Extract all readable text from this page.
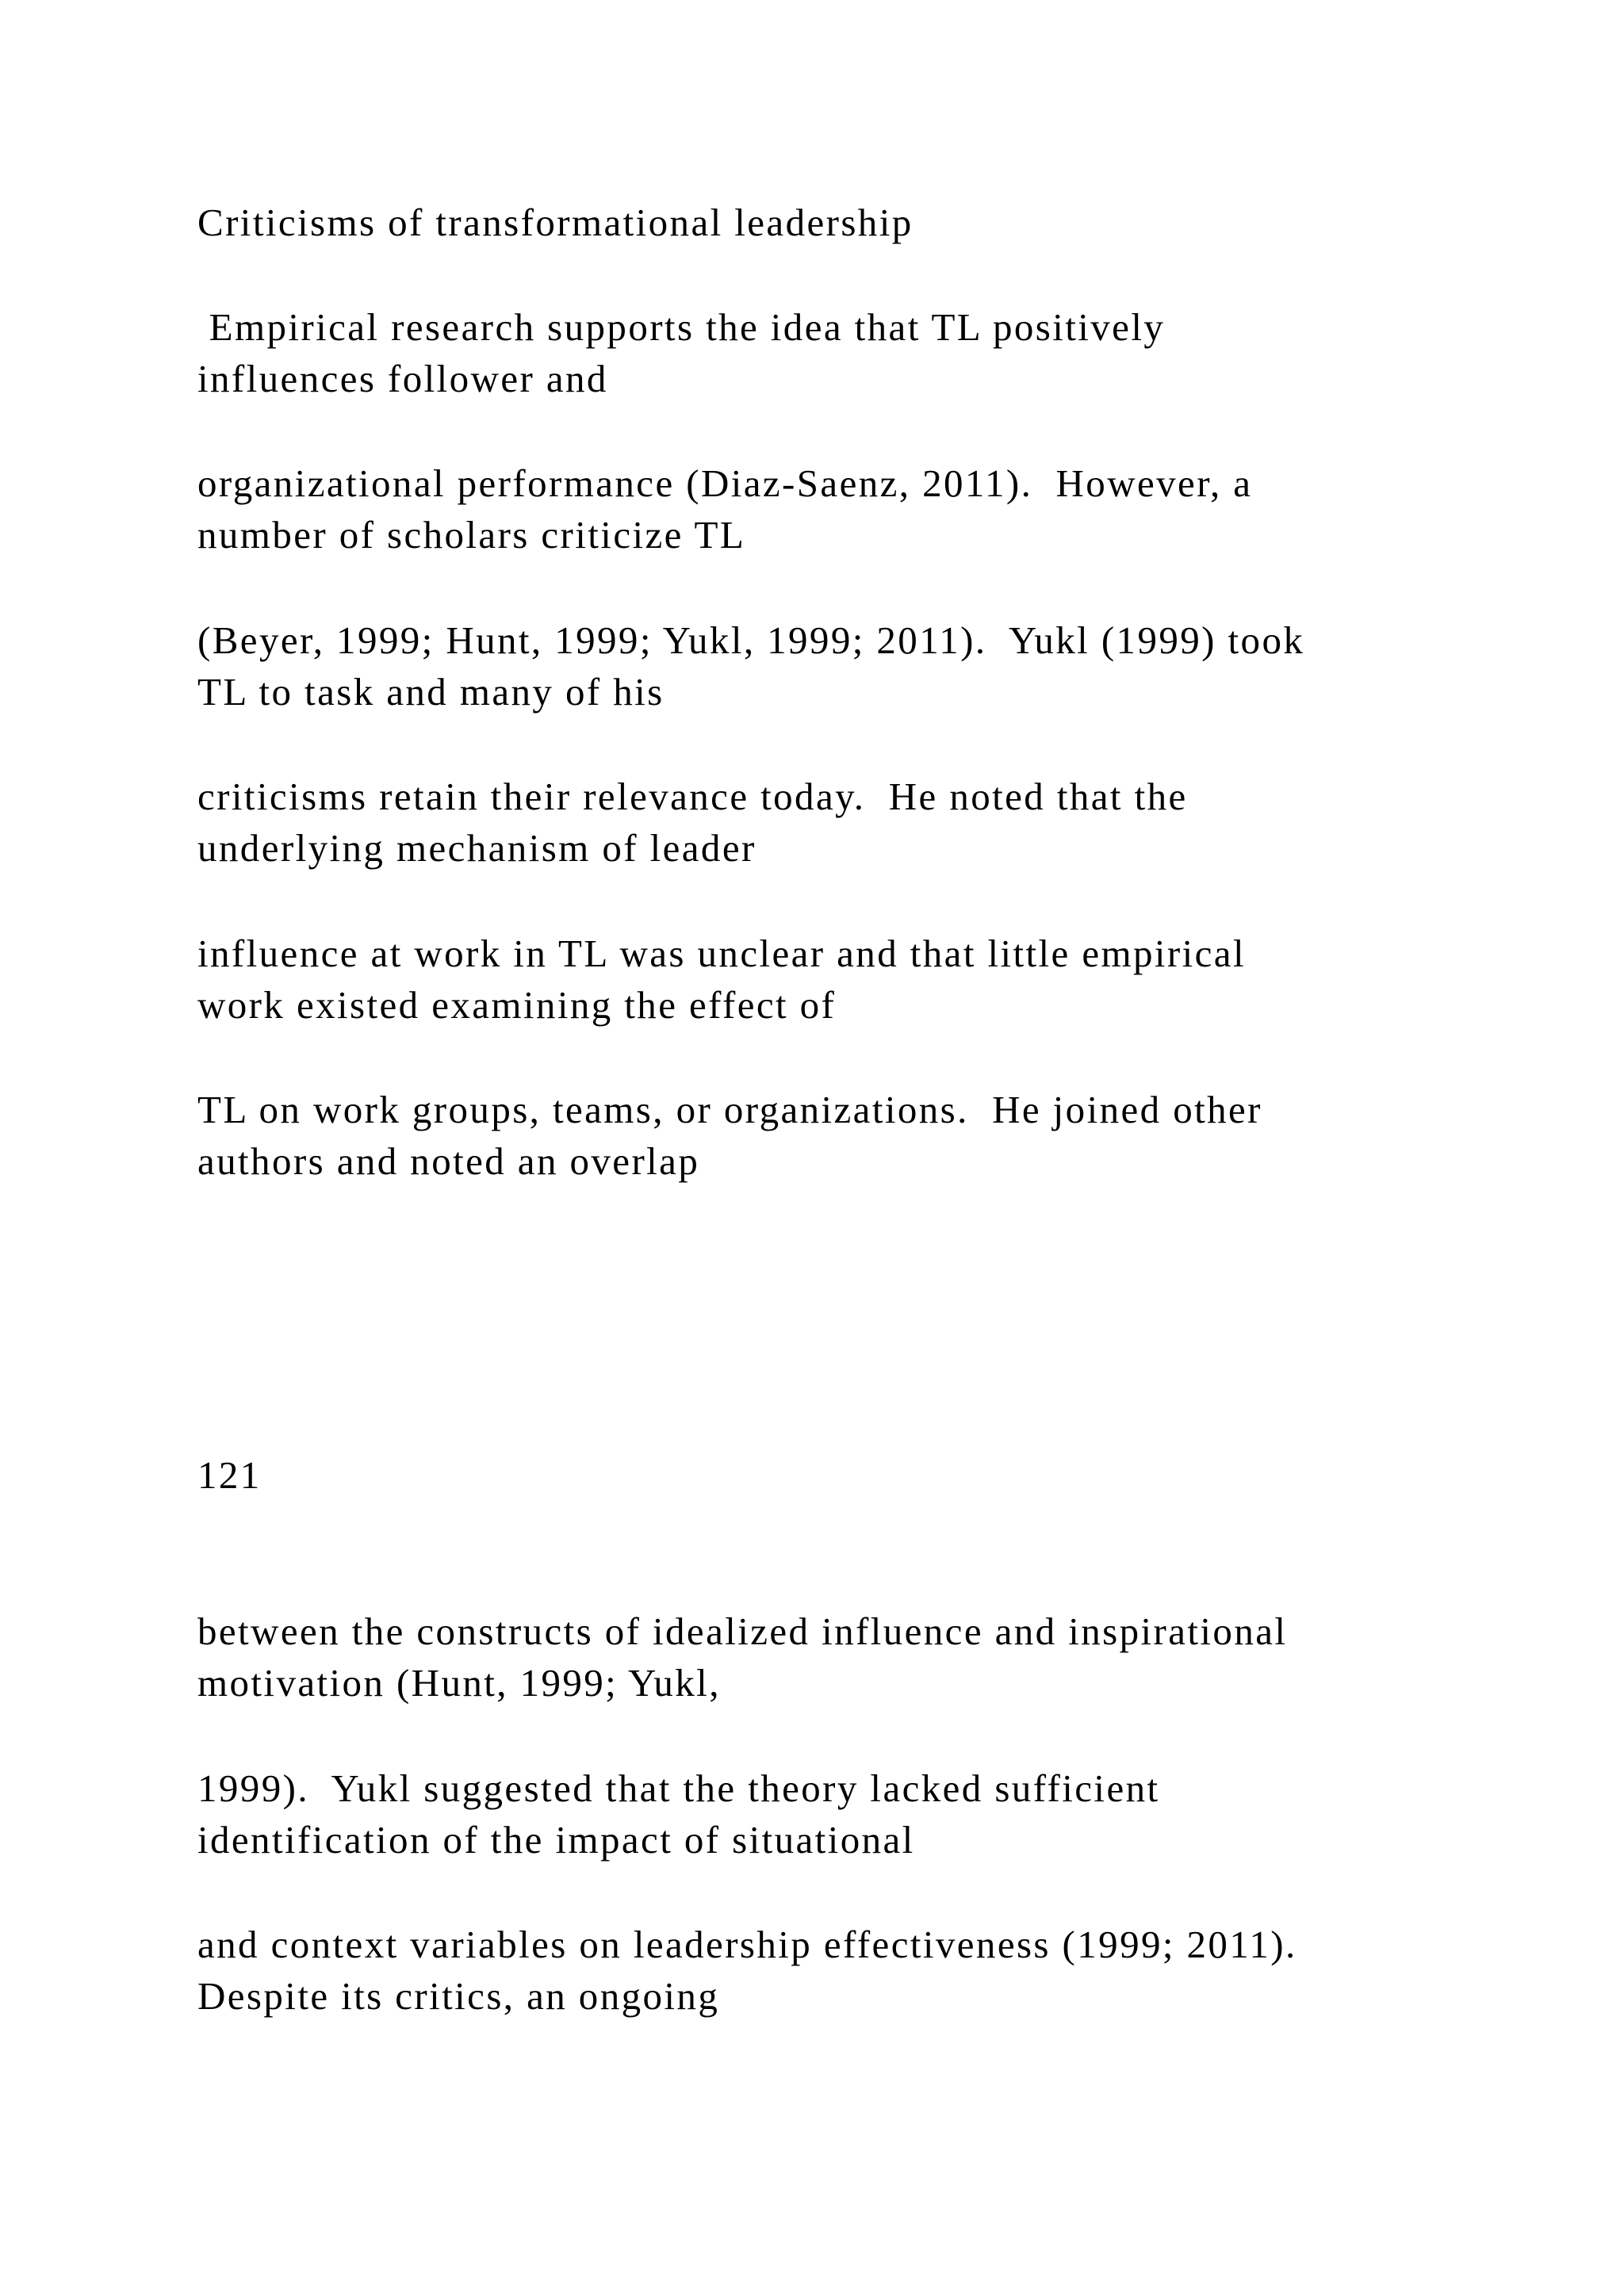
Criticisms of transformational leadership

Empirical research supports the idea that TL positively

influences follower and

organizational performance (Diaz-Saenz, 2011).  However, a

number of scholars criticize TL

(Beyer, 1999; Hunt, 1999; Yukl, 1999; 2011).  Yukl (1999) took

TL to task and many of his

criticisms retain their relevance today.  He noted that the

underlying mechanism of leader

influence at work in TL was unclear and that little empirical

work existed examining the effect of

TL on work groups, teams, or organizations.  He joined other

authors and noted an overlap

121

between the constructs of idealized influence and inspirational

motivation (Hunt, 1999; Yukl,

1999).  Yukl suggested that the theory lacked sufficient

identification of the impact of situational

and context variables on leadership effectiveness (1999; 2011).

Despite its critics, an ongoing
